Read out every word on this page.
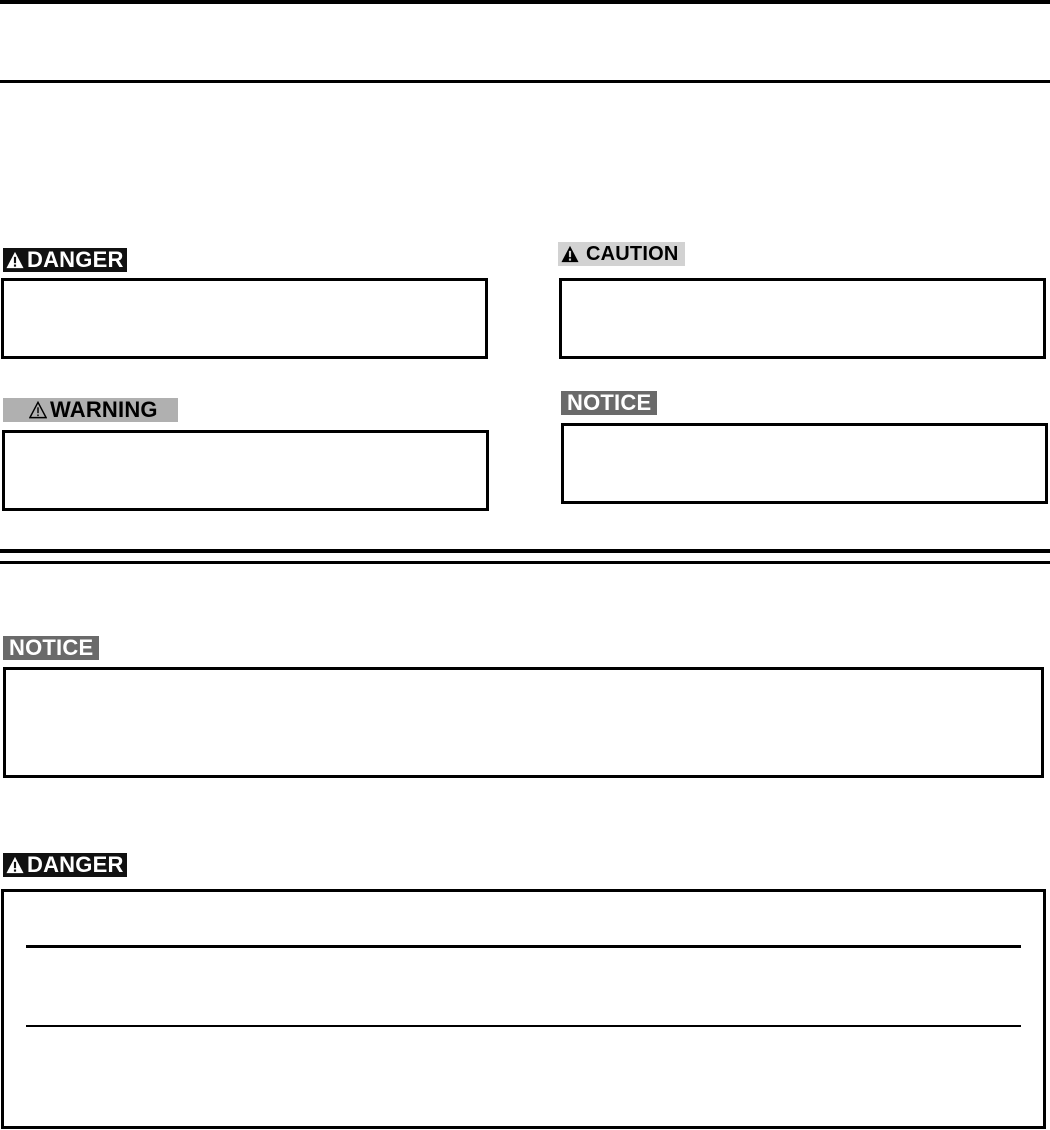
DANGER	CAUTION
WARNING	NOTICE
NOTICE
DANGER
